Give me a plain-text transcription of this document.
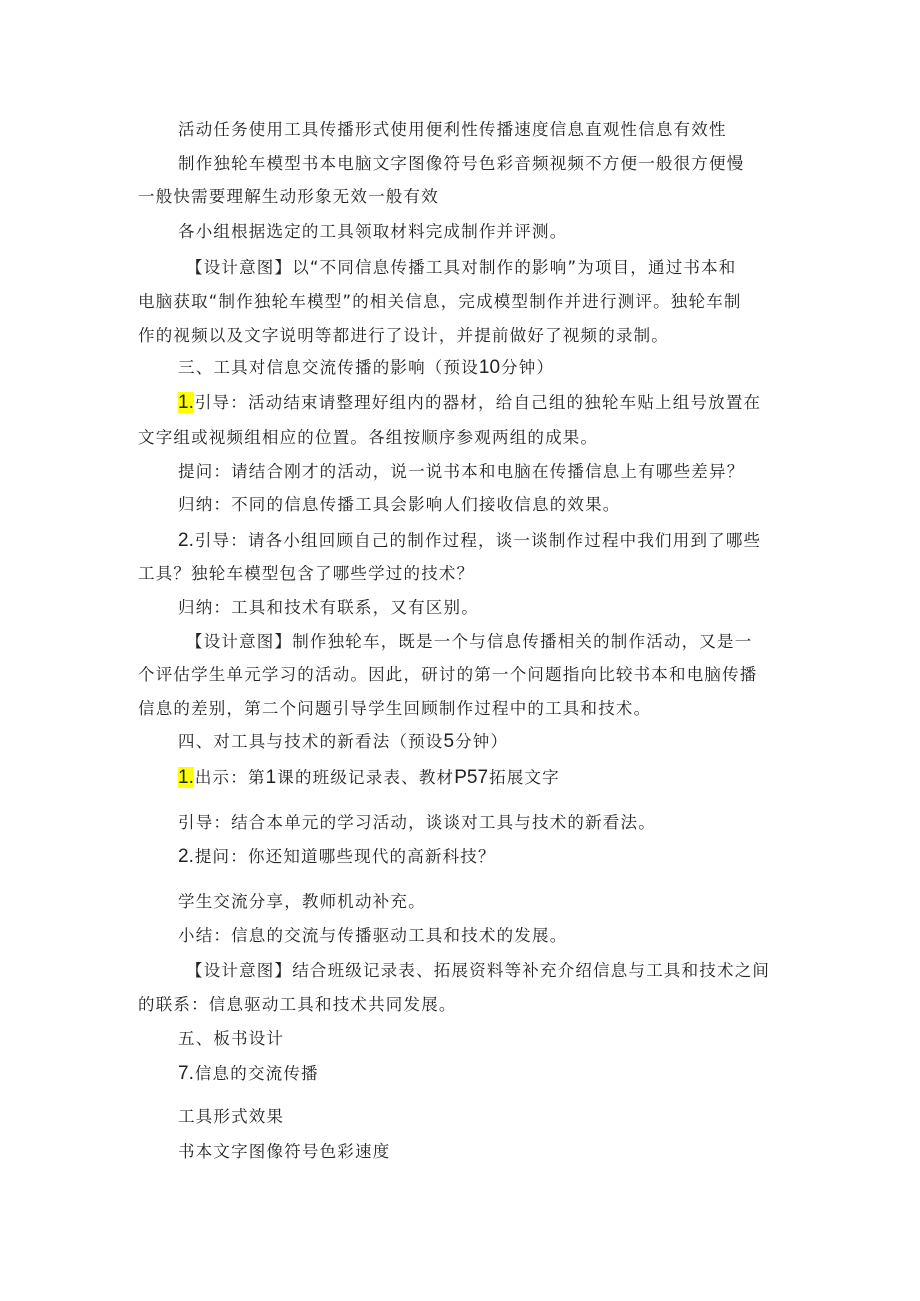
活动任务使用工具传播形式使用便利性传播速度信息直观性信息有效性
制作独轮车模型书本电脑文字图像符号色彩音频视频不方便一般很方便慢
一般快需要理解生动形象无效一般有效
各小组根据选定的工具领取材料完成制作并评测。
【设计意图】以“不同信息传播工具对制作的影响”为项目，通过书本和
电脑获取“制作独轮车模型”的相关信息，完成模型制作并进行测评。独轮车制
作的视频以及文字说明等都进行了设计，并提前做好了视频的录制。
三、工具对信息交流传播的影响（预设10分钟）
1.引导：活动结束请整理好组内的器材，给自己组的独轮车贴上组号放置在
文字组或视频组相应的位置。各组按顺序参观两组的成果。
提问：请结合刚才的活动，说一说书本和电脑在传播信息上有哪些差异？
归纳：不同的信息传播工具会影响人们接收信息的效果。
2.引导：请各小组回顾自己的制作过程，谈一谈制作过程中我们用到了哪些
工具？独轮车模型包含了哪些学过的技术？
归纳：工具和技术有联系，又有区别。
【设计意图】制作独轮车，既是一个与信息传播相关的制作活动，又是一
个评估学生单元学习的活动。因此，研讨的第一个问题指向比较书本和电脑传播
信息的差别，第二个问题引导学生回顾制作过程中的工具和技术。
四、对工具与技术的新看法（预设5分钟）
1.出示：第1课的班级记录表、教材P57拓展文字
引导：结合本单元的学习活动，谈谈对工具与技术的新看法。
2.提问：你还知道哪些现代的高新科技？
学生交流分享，教师机动补充。
小结：信息的交流与传播驱动工具和技术的发展。
【设计意图】结合班级记录表、拓展资料等补充介绍信息与工具和技术之间
的联系：信息驱动工具和技术共同发展。
五、板书设计
7.信息的交流传播
工具形式效果
书本文字图像符号色彩速度
